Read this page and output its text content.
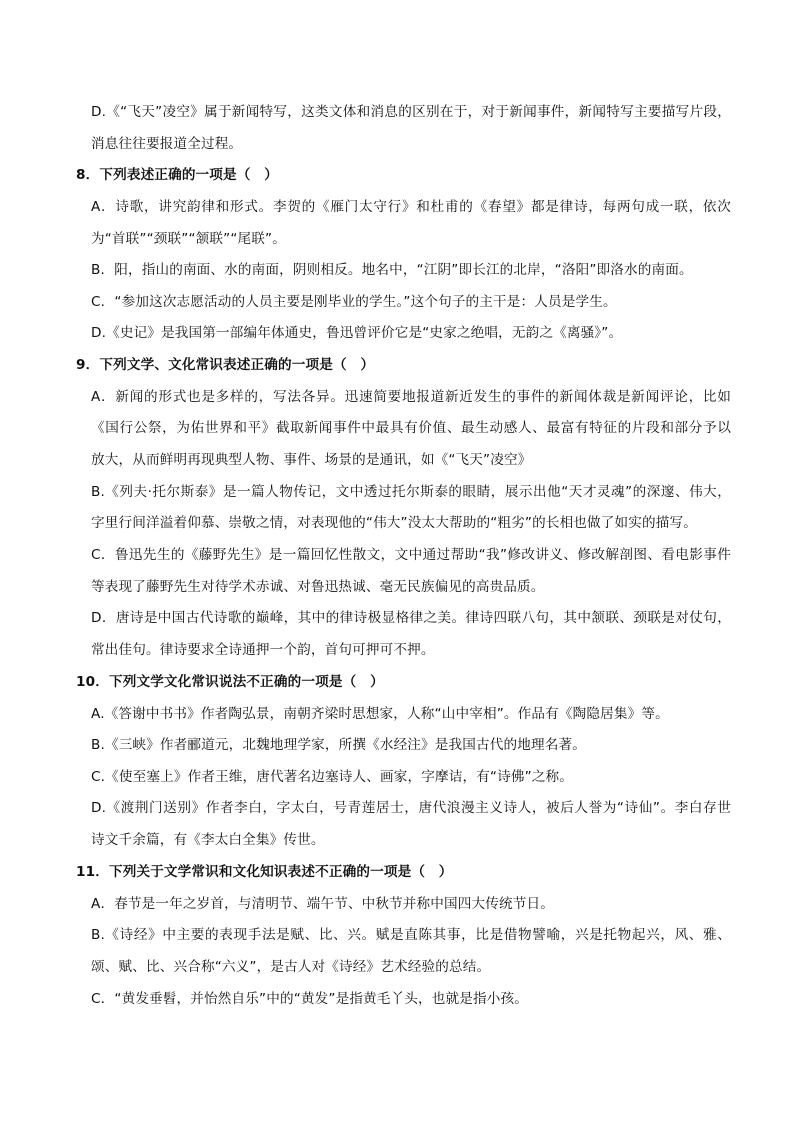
D.《“飞天”凌空》属于新闻特写，这类文体和消息的区别在于，对于新闻事件，新闻特写主要描写片段，
消息往往要报道全过程。
8．下列表述正确的一项是（　）
A．诗歌，讲究韵律和形式。李贺的《雁门太守行》和杜甫的《春望》都是律诗，每两句成一联，依次
为“首联”“颈联”“颔联”“尾联”。
B．阳，指山的南面、水的南面，阴则相反。地名中，“江阴”即长江的北岸，“洛阳”即洛水的南面。
C．“参加这次志愿活动的人员主要是刚毕业的学生。”这个句子的主干是：人员是学生。
D.《史记》是我国第一部编年体通史，鲁迅曾评价它是“史家之绝唱，无韵之《离骚》”。
9．下列文学、文化常识表述正确的一项是（　）
A．新闻的形式也是多样的，写法各异。迅速简要地报道新近发生的事件的新闻体裁是新闻评论，比如
《国行公祭，为佑世界和平》截取新闻事件中最具有价值、最生动感人、最富有特征的片段和部分予以
放大，从而鲜明再现典型人物、事件、场景的是通讯，如《“飞天”凌空》
B.《列夫·托尔斯泰》是一篇人物传记，文中透过托尔斯泰的眼睛，展示出他“天才灵魂”的深邃、伟大，
字里行间洋溢着仰慕、崇敬之情，对表现他的“伟大”没太大帮助的“粗劣”的长相也做了如实的描写。
C．鲁迅先生的《藤野先生》是一篇回忆性散文，文中通过帮助“我”修改讲义、修改解剖图、看电影事件
等表现了藤野先生对待学术赤诚、对鲁迅热诚、毫无民族偏见的高贵品质。
D．唐诗是中国古代诗歌的巅峰，其中的律诗极显格律之美。律诗四联八句，其中颔联、颈联是对仗句，
常出佳句。律诗要求全诗通押一个韵，首句可押可不押。
10．下列文学文化常识说法不正确的一项是（　）
A.《答谢中书书》作者陶弘景，南朝齐梁时思想家，人称“山中宰相”。作品有《陶隐居集》等。
B.《三峡》作者郦道元，北魏地理学家，所撰《水经注》是我国古代的地理名著。
C.《使至塞上》作者王维，唐代著名边塞诗人、画家，字摩诘，有“诗佛”之称。
D.《渡荆门送别》作者李白，字太白，号青莲居士，唐代浪漫主义诗人，被后人誉为“诗仙”。李白存世
诗文千余篇，有《李太白全集》传世。
11．下列关于文学常识和文化知识表述不正确的一项是（　）
A．春节是一年之岁首，与清明节、端午节、中秋节并称中国四大传统节日。
B.《诗经》中主要的表现手法是赋、比、兴。赋是直陈其事，比是借物譬喻，兴是托物起兴，风、雅、
颂、赋、比、兴合称“六义”，是古人对《诗经》艺术经验的总结。
C．“黄发垂髫，并怡然自乐”中的“黄发”是指黄毛丫头，也就是指小孩。
